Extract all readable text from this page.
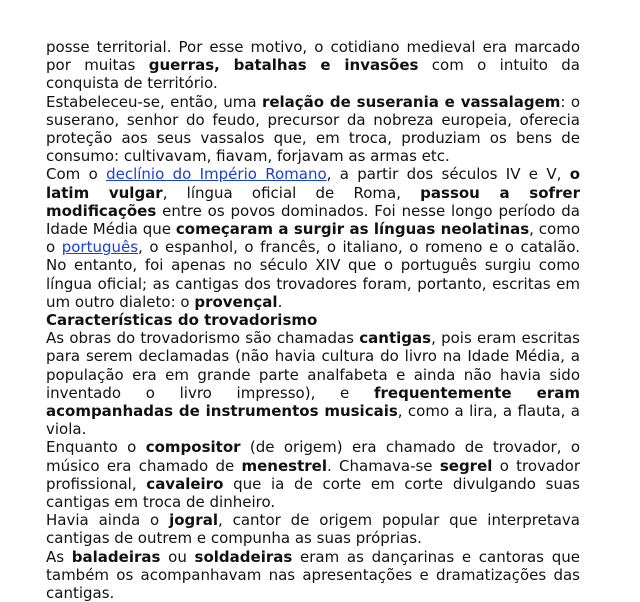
posse territorial. Por esse motivo, o cotidiano medieval era marcado por muitas guerras, batalhas e invasões com o intuito da conquista de território.

Estabeleceu-se, então, uma relação de suserania e vassalagem: o suserano, senhor do feudo, precursor da nobreza europeia, oferecia proteção aos seus vassalos que, em troca, produziam os bens de consumo: cultivavam, fiavam, forjavam as armas etc.

Com o declínio do Império Romano, a partir dos séculos IV e V, o latim vulgar, língua oficial de Roma, passou a sofrer modificações entre os povos dominados. Foi nesse longo período da Idade Média que começaram a surgir as línguas neolatinas, como o português, o espanhol, o francês, o italiano, o romeno e o catalão. No entanto, foi apenas no século XIV que o português surgiu como língua oficial; as cantigas dos trovadores foram, portanto, escritas em um outro dialeto: o provençal.

Características do trovadorismo

As obras do trovadorismo são chamadas cantigas, pois eram escritas para serem declamadas (não havia cultura do livro na Idade Média, a população era em grande parte analfabeta e ainda não havia sido inventado o livro impresso), e frequentemente eram acompanhadas de instrumentos musicais, como a lira, a flauta, a viola.

Enquanto o compositor (de origem) era chamado de trovador, o músico era chamado de menestrel. Chamava-se segrel o trovador profissional, cavaleiro que ia de corte em corte divulgando suas cantigas em troca de dinheiro.

Havia ainda o jogral, cantor de origem popular que interpretava cantigas de outrem e compunha as suas próprias.

As baladeiras ou soldadeiras eram as dançarinas e cantoras que também os acompanhavam nas apresentações e dramatizações das cantigas.
